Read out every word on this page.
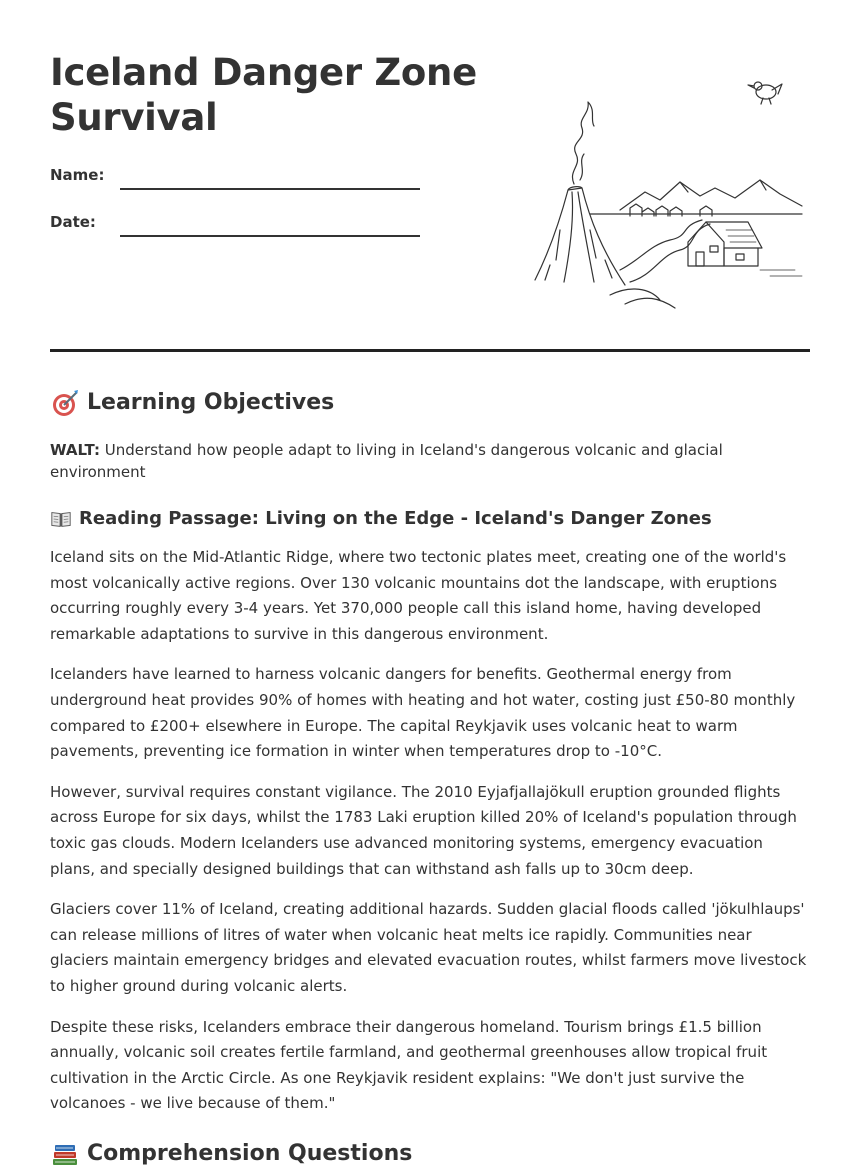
Iceland Danger Zone Survival
Name:
Date:
Learning Objectives

WALT: Understand how people adapt to living in Iceland's dangerous volcanic and glacial environment

Reading Passage: Living on the Edge - Iceland's Danger Zones

Iceland sits on the Mid-Atlantic Ridge, where two tectonic plates meet, creating one of the world's most volcanically active regions. Over 130 volcanic mountains dot the landscape, with eruptions occurring roughly every 3-4 years. Yet 370,000 people call this island home, having developed remarkable adaptations to survive in this dangerous environment.

Icelanders have learned to harness volcanic dangers for benefits. Geothermal energy from underground heat provides 90% of homes with heating and hot water, costing just £50-80 monthly compared to £200+ elsewhere in Europe. The capital Reykjavik uses volcanic heat to warm pavements, preventing ice formation in winter when temperatures drop to -10°C.

However, survival requires constant vigilance. The 2010 Eyjafjallajökull eruption grounded flights across Europe for six days, whilst the 1783 Laki eruption killed 20% of Iceland's population through toxic gas clouds. Modern Icelanders use advanced monitoring systems, emergency evacuation plans, and specially designed buildings that can withstand ash falls up to 30cm deep.

Glaciers cover 11% of Iceland, creating additional hazards. Sudden glacial floods called 'jökulhlaups' can release millions of litres of water when volcanic heat melts ice rapidly. Communities near glaciers maintain emergency bridges and elevated evacuation routes, whilst farmers move livestock to higher ground during volcanic alerts.

Despite these risks, Icelanders embrace their dangerous homeland. Tourism brings £1.5 billion annually, volcanic soil creates fertile farmland, and geothermal greenhouses allow tropical fruit cultivation in the Arctic Circle. As one Reykjavik resident explains: "We don't just survive the volcanoes - we live because of them."

Comprehension Questions
